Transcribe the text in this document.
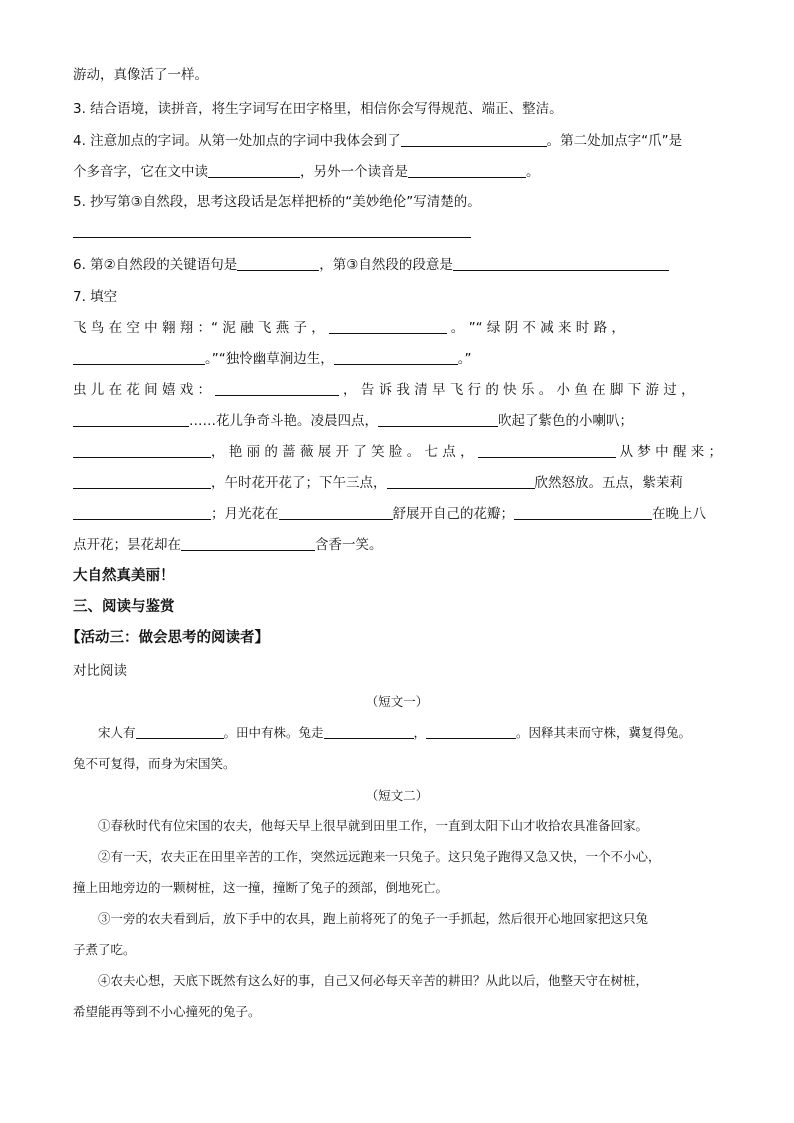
游动，真像活了一样。
3. 结合语境，读拼音，将生字词写在田字格里，相信你会写得规范、端正、整洁。
4. 注意加点的字词。从第一处加点的字词中我体会到了	。第二处加点字“爪”是
个多音字，它在文中读	，另外一个读音是	。
5. 抄写第③自然段，思考这段话是怎样把桥的“美妙绝伦”写清楚的。
6. 第②自然段的关键语句是	，第③自然段的段意是
7. 填空
飞 鸟 在 空 中 翱 翔 ：“ 泥 融 飞 燕 子 ，	。 ”“ 绿 阴 不 减 来 时 路 ，
。”“独怜幽草涧边生，	。”
虫 儿 在 花 间 嬉 戏 ：	， 告 诉 我 清 早 飞 行 的 快 乐 。 小 鱼 在 脚 下 游 过 ，
……花儿争奇斗艳。凌晨四点，	吹起了紫色的小喇叭；
， 艳 丽 的 蔷 薇 展 开 了 笑 脸 。 七 点 ，	从 梦 中 醒 来 ；
，午时花开花了；下午三点，	欣然怒放。五点，紫茉莉
；月光花在	舒展开自己的花瓣；	在晚上八
点开花；昙花却在	含香一笑。
大自然真美丽！
三、阅读与鉴赏
【活动三：做会思考的阅读者】
对比阅读
（短文一）
宋人有	。田中有株。兔走	，	。因释其耒而守株，冀复得兔。
兔不可复得，而身为宋国笑。
（短文二）
①春秋时代有位宋国的农夫，他每天早上很早就到田里工作，一直到太阳下山才收拾农具准备回家。
②有一天，农夫正在田里辛苦的工作，突然远远跑来一只兔子。这只兔子跑得又急又快，一个不小心，
撞上田地旁边的一颗树桩，这一撞，撞断了兔子的颈部，倒地死亡。
③一旁的农夫看到后，放下手中的农具，跑上前将死了的兔子一手抓起，然后很开心地回家把这只兔
子煮了吃。
④农夫心想，天底下既然有这么好的事，自己又何必每天辛苦的耕田？从此以后，他整天守在树桩，
希望能再等到不小心撞死的兔子。
